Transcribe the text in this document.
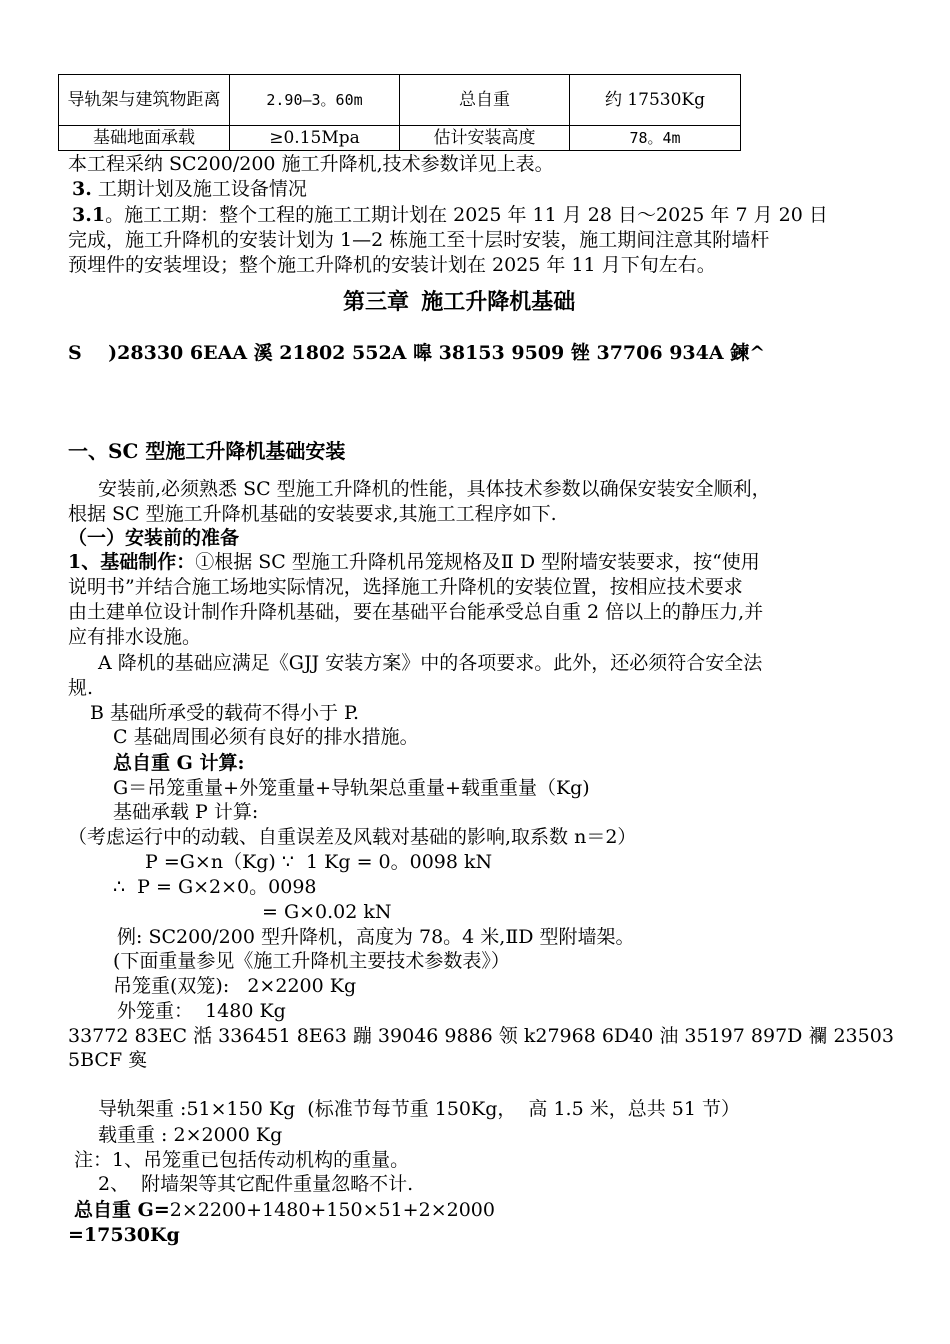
导轨架与建筑物距离	2.90—3。60m	总自重	约 17530Kg
基础地面承载	≥0.15Mpa	估计安装高度	78。4m
本工程采纳 SC200/200 施工升降机,技术参数详见上表。
3. 工期计划及施工设备情况
3.1。施工工期：整个工程的施工工期计划在 2025 年 11 月 28 日～2025 年 7 月 20 日
完成，施工升降机的安装计划为 1—2 栋施工至十层时安装，施工期间注意其附墙杆
预埋件的安装埋设；整个施工升降机的安装计划在 2025 年 11 月下旬左右。
第三章  施工升降机基础
S    )28330 6EAA 溪 21802 552A 嗥 38153 9509 锉 37706 934A 鍊^
一、SC 型施工升降机基础安装
安装前,必须熟悉 SC 型施工升降机的性能，具体技术参数以确保安装安全顺利，
根据 SC 型施工升降机基础的安装要求,其施工工程序如下.
（一）安装前的准备
1、基础制作：①根据 SC 型施工升降机吊笼规格及Ⅱ D 型附墙安装要求，按“使用
说明书”并结合施工场地实际情况，选择施工升降机的安装位置，按相应技术要求
由土建单位设计制作升降机基础，要在基础平台能承受总自重 2 倍以上的静压力,并
应有排水设施。
A 降机的基础应满足《GJJ 安装方案》中的各项要求。此外，还必须符合安全法
规.
B 基础所承受的载荷不得小于 P.
C 基础周围必须有良好的排水措施。
总自重 G 计算:
G＝吊笼重量+外笼重量+导轨架总重量+载重重量（Kg)
基础承载 P 计算:
（考虑运行中的动载、自重误差及风载对基础的影响,取系数 n＝2）
P =G×n（Kg) ∵  1 Kg = 0。0098 kN
∴  P = G×2×0。0098
= G×0.02 kN
例: SC200/200 型升降机，高度为 78。4 米,ⅡD 型附墙架。
(下面重量参见《施工升降机主要技术参数表》）
吊笼重(双笼):   2×2200 Kg
外笼重：  1480 Kg
33772 83EC 湉 336451 8E63 蹦 39046 9886 领 k27968 6D40 油 35197 897D 襴 23503
5BCF 寏
导轨架重 :51×150 Kg  (标准节每节重 150Kg，  高 1.5 米，总共 51 节）
载重重 : 2×2000 Kg
注：1、吊笼重已包括传动机构的重量。
2、  附墙架等其它配件重量忽略不计.
总自重 G=2×2200+1480+150×51+2×2000
=17530Kg
